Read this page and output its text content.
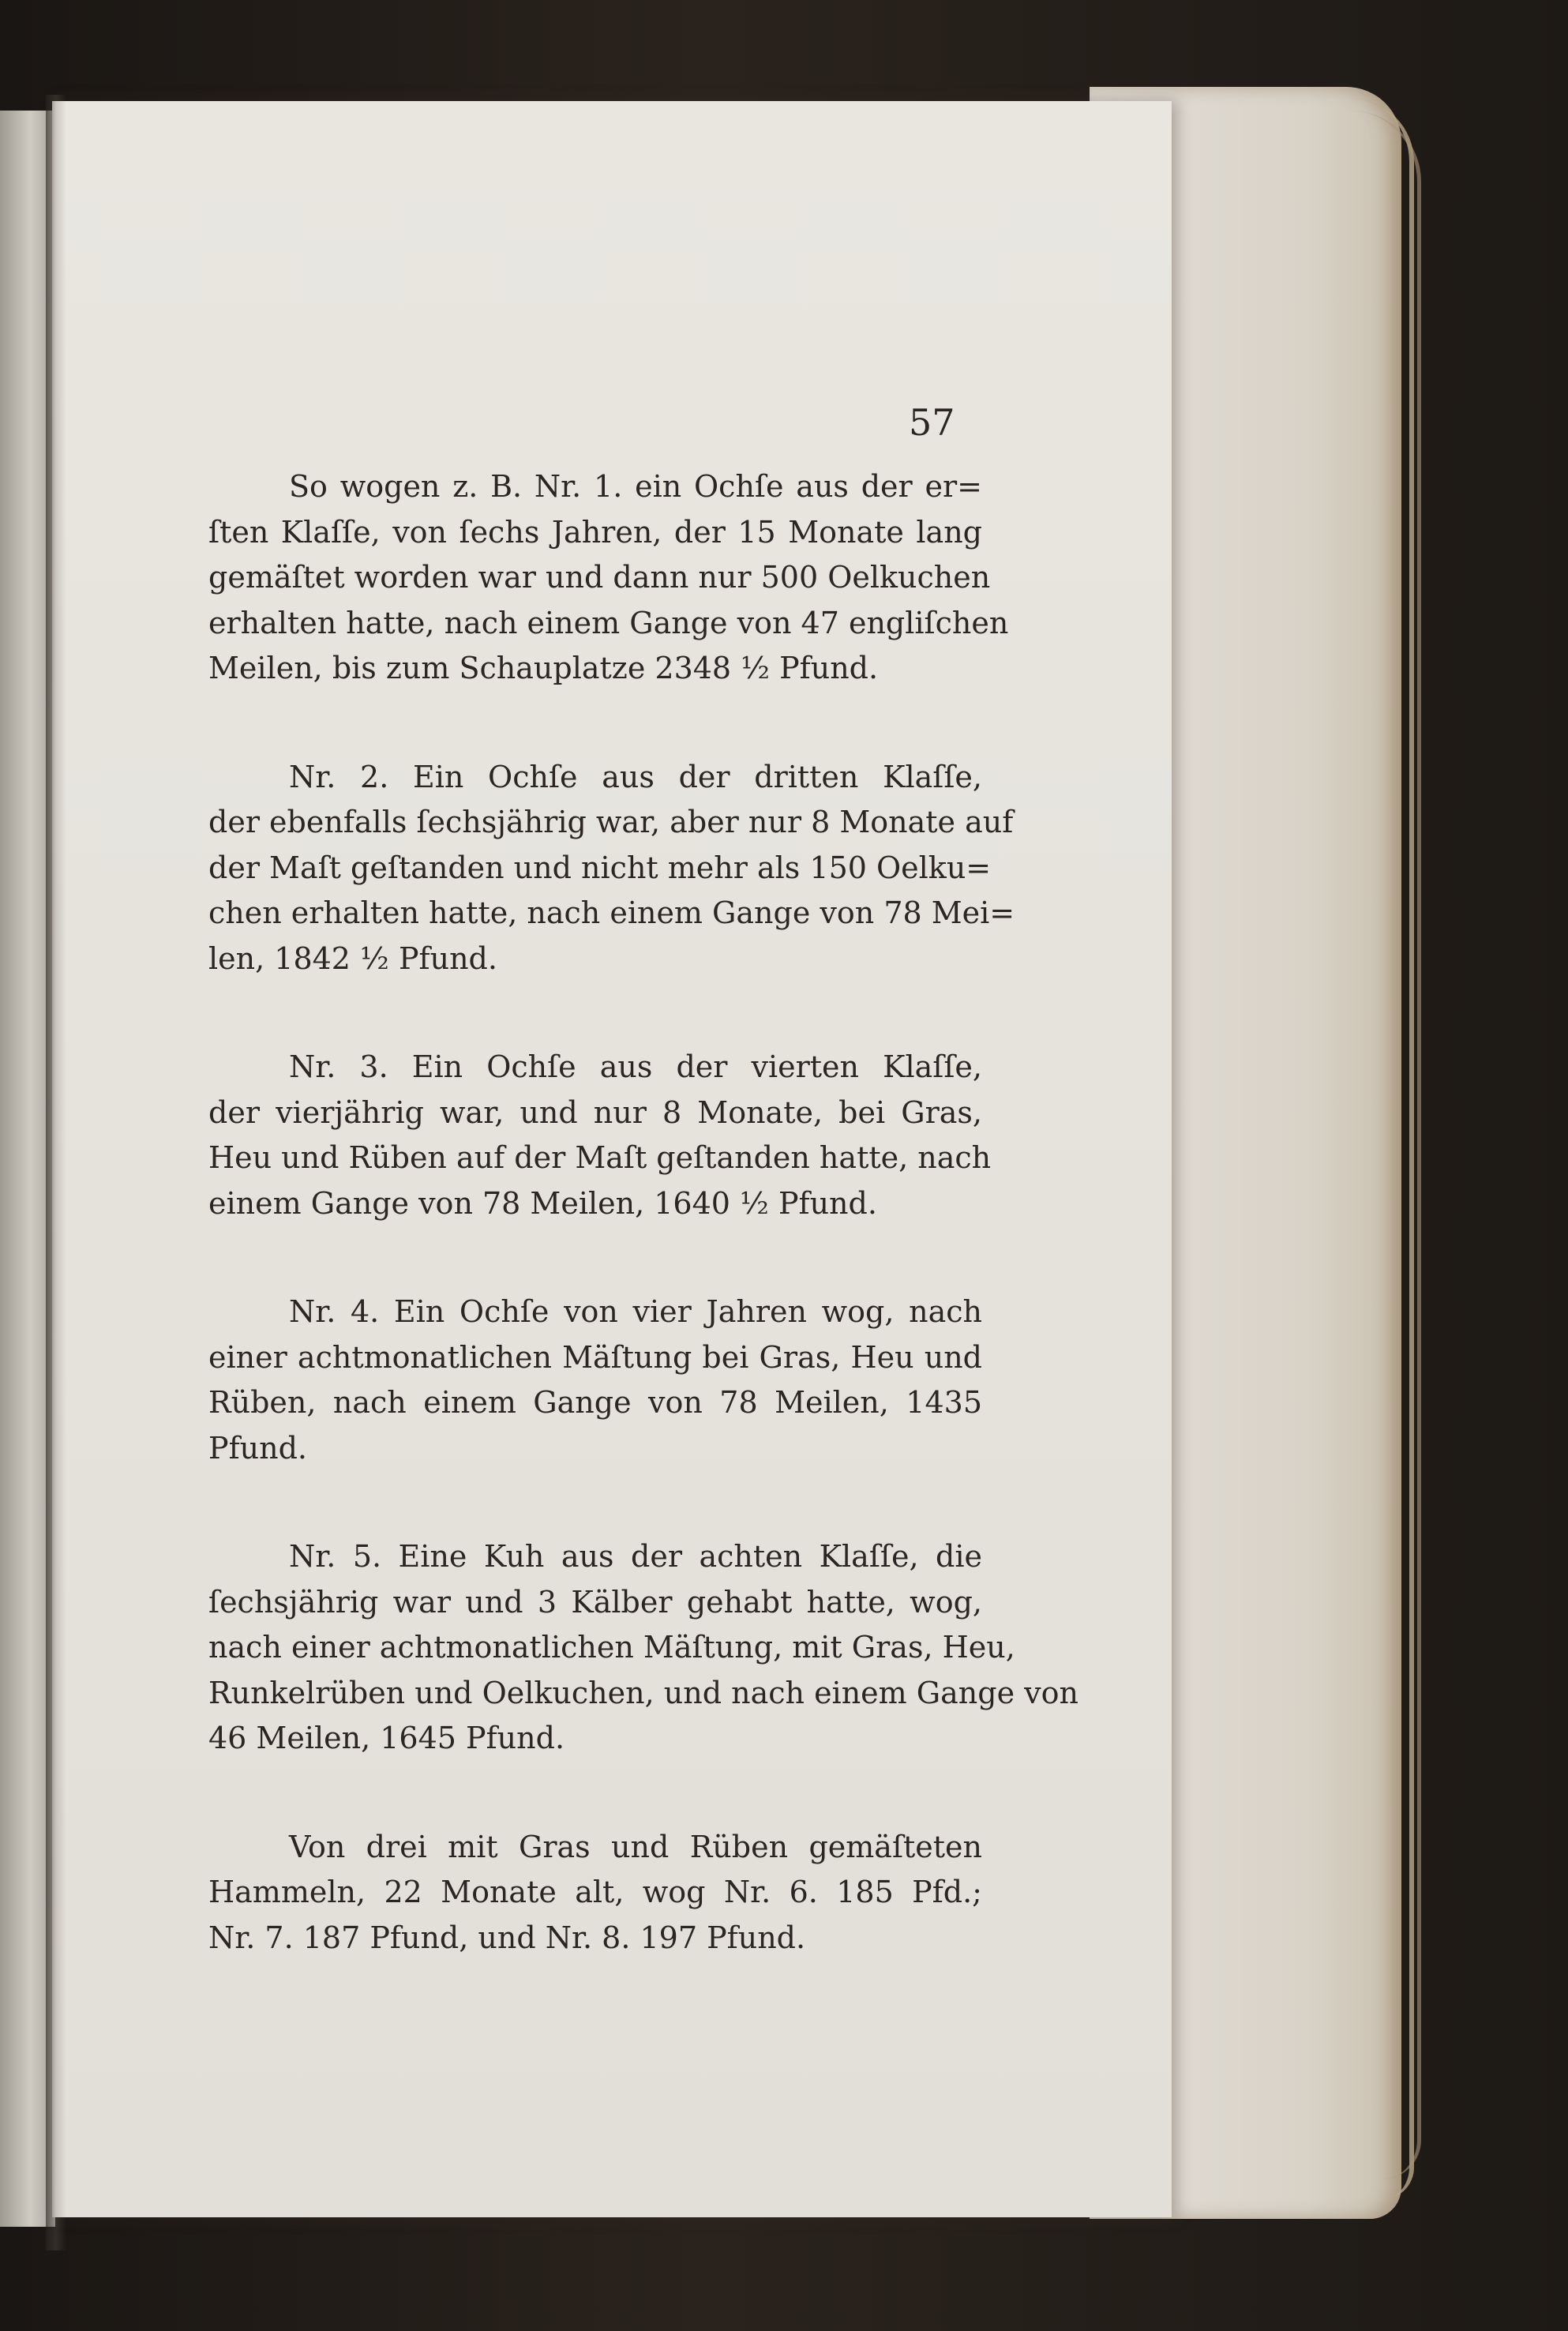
57
So wogen z. B. Nr. 1. ein Ochſe aus der er=
ſten Klaſſe, von ſechs Jahren, der 15 Monate lang
gemäſtet worden war und dann nur 500 Oelkuchen
erhalten hatte, nach einem Gange von 47 engliſchen
Meilen, bis zum Schauplatze 2348 ½ Pfund.
Nr. 2. Ein Ochſe aus der dritten Klaſſe,
der ebenfalls ſechsjährig war, aber nur 8 Monate auf
der Maſt geſtanden und nicht mehr als 150 Oelku=
chen erhalten hatte, nach einem Gange von 78 Mei=
len, 1842 ½ Pfund.
Nr. 3. Ein Ochſe aus der vierten Klaſſe,
der vierjährig war, und nur 8 Monate, bei Gras,
Heu und Rüben auf der Maſt geſtanden hatte, nach
einem Gange von 78 Meilen, 1640 ½ Pfund.
Nr. 4. Ein Ochſe von vier Jahren wog, nach
einer achtmonatlichen Mäſtung bei Gras, Heu und
Rüben, nach einem Gange von 78 Meilen, 1435
Pfund.
Nr. 5. Eine Kuh aus der achten Klaſſe, die
ſechsjährig war und 3 Kälber gehabt hatte, wog,
nach einer achtmonatlichen Mäſtung, mit Gras, Heu,
Runkelrüben und Oelkuchen, und nach einem Gange von
46 Meilen, 1645 Pfund.
Von drei mit Gras und Rüben gemäſteten
Hammeln, 22 Monate alt, wog Nr. 6. 185 Pfd.;
Nr. 7. 187 Pfund, und Nr. 8. 197 Pfund.
